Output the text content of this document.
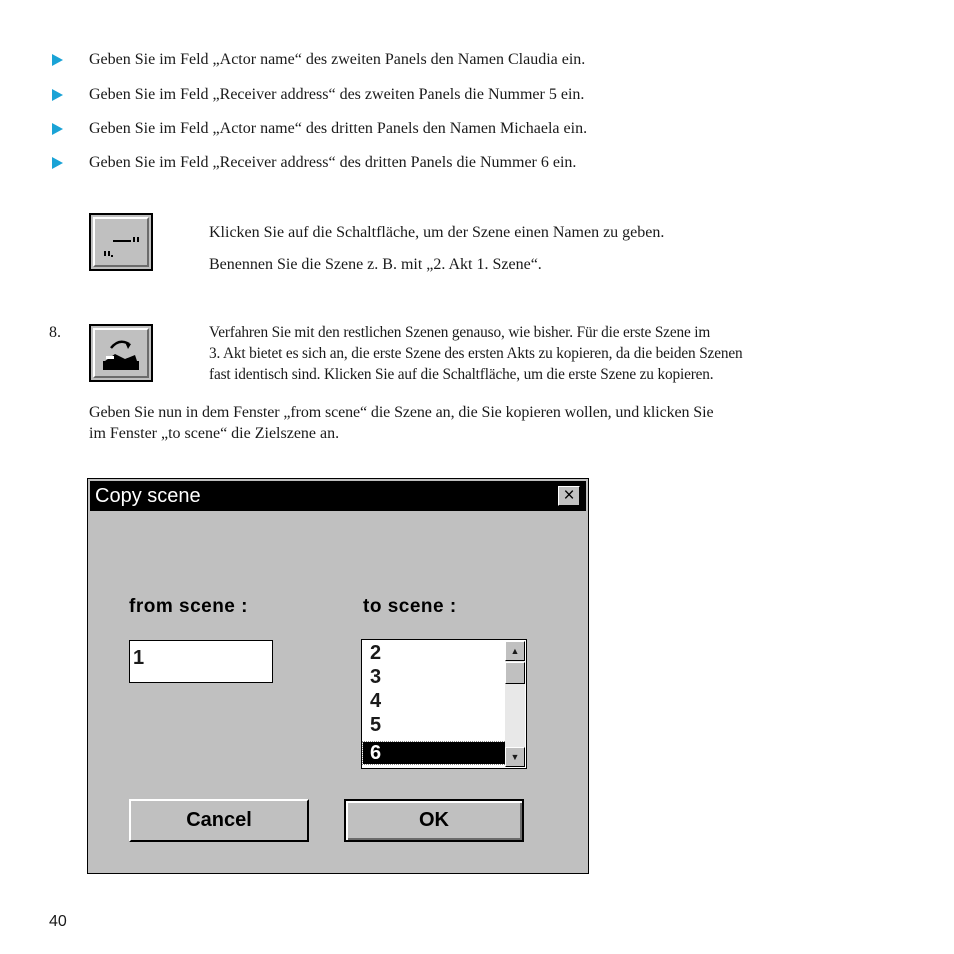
Geben Sie im Feld „Actor name“ des zweiten Panels den Namen Claudia ein.
Geben Sie im Feld „Receiver address“ des zweiten Panels die Nummer 5 ein.
Geben Sie im Feld „Actor name“ des dritten Panels den Namen Michaela ein.
Geben Sie im Feld „Receiver address“ des dritten Panels die Nummer 6 ein.
Klicken Sie auf die Schaltfläche, um der Szene einen Namen zu geben.
Benennen Sie die Szene z. B. mit „2. Akt 1. Szene“.
8.	Verfahren Sie mit den restlichen Szenen genauso, wie bisher. Für die erste Szene im
3. Akt bietet es sich an, die erste Szene des ersten Akts zu kopieren, da die beiden Szenen
fast identisch sind. Klicken Sie auf die Schaltfläche, um die erste Szene zu kopieren.
Geben Sie nun in dem Fenster „from scene“ die Szene an, die Sie kopieren wollen, und klicken Sie
im Fenster „to scene“ die Zielszene an.
Copy scene	×
from scene :	to scene :
1	2
3
4
5
6
▲
▼
Cancel	OK
40
